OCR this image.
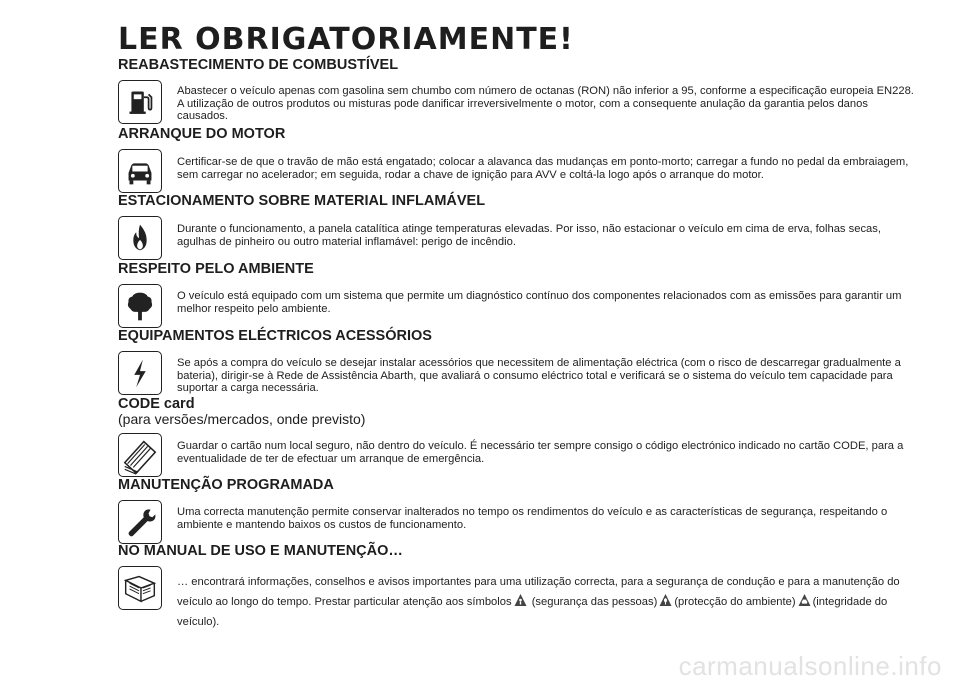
LER OBRIGATORIAMENTE!
REABASTECIMENTO DE COMBUSTÍVEL

Abastecer o veículo apenas com gasolina sem chumbo com número de octanas (RON) não inferior a 95, conforme a especificação europeia EN228. A utilização de outros produtos ou misturas pode danificar irreversivelmente o motor, com a consequente anulação da garantia pelos danos causados.

ARRANQUE DO MOTOR

Certificar-se de que o travão de mão está engatado; colocar a alavanca das mudanças em ponto-morto; carregar a fundo no pedal da embraiagem, sem carregar no acelerador; em seguida, rodar a chave de ignição para AVV e coltá-la logo após o arranque do motor.

ESTACIONAMENTO SOBRE MATERIAL INFLAMÁVEL

Durante o funcionamento, a panela catalítica atinge temperaturas elevadas. Por isso, não estacionar o veículo em cima de erva, folhas secas, agulhas de pinheiro ou outro material inflamável: perigo de incêndio.

RESPEITO PELO AMBIENTE

O veículo está equipado com um sistema que permite um diagnóstico contínuo dos componentes relacionados com as emissões para garantir um melhor respeito pelo ambiente.

EQUIPAMENTOS ELÉCTRICOS ACESSÓRIOS

Se após a compra do veículo se desejar instalar acessórios que necessitem de alimentação eléctrica (com o risco de descarregar gradualmente a bateria), dirigir-se à Rede de Assistência Abarth, que avaliará o consumo eléctrico total e verificará se o sistema do veículo tem capacidade para suportar a carga necessária.

CODE card
(para versões/mercados, onde previsto)

Guardar o cartão num local seguro, não dentro do veículo. É necessário ter sempre consigo o código electrónico indicado no cartão CODE, para a eventualidade de ter de efectuar um arranque de emergência.

MANUTENÇÃO PROGRAMADA

Uma correcta manutenção permite conservar inalterados no tempo os rendimentos do veículo e as características de segurança, respeitando o ambiente e mantendo baixos os custos de funcionamento.

NO MANUAL DE USO E MANUTENÇÃO…

… encontrará informações, conselhos e avisos importantes para uma utilização correcta, para a segurança de condução e para a manutenção do veículo ao longo do tempo. Prestar particular atenção aos símbolos (segurança das pessoas) (protecção do ambiente) (integridade do veículo).

carmanualsonline.info
